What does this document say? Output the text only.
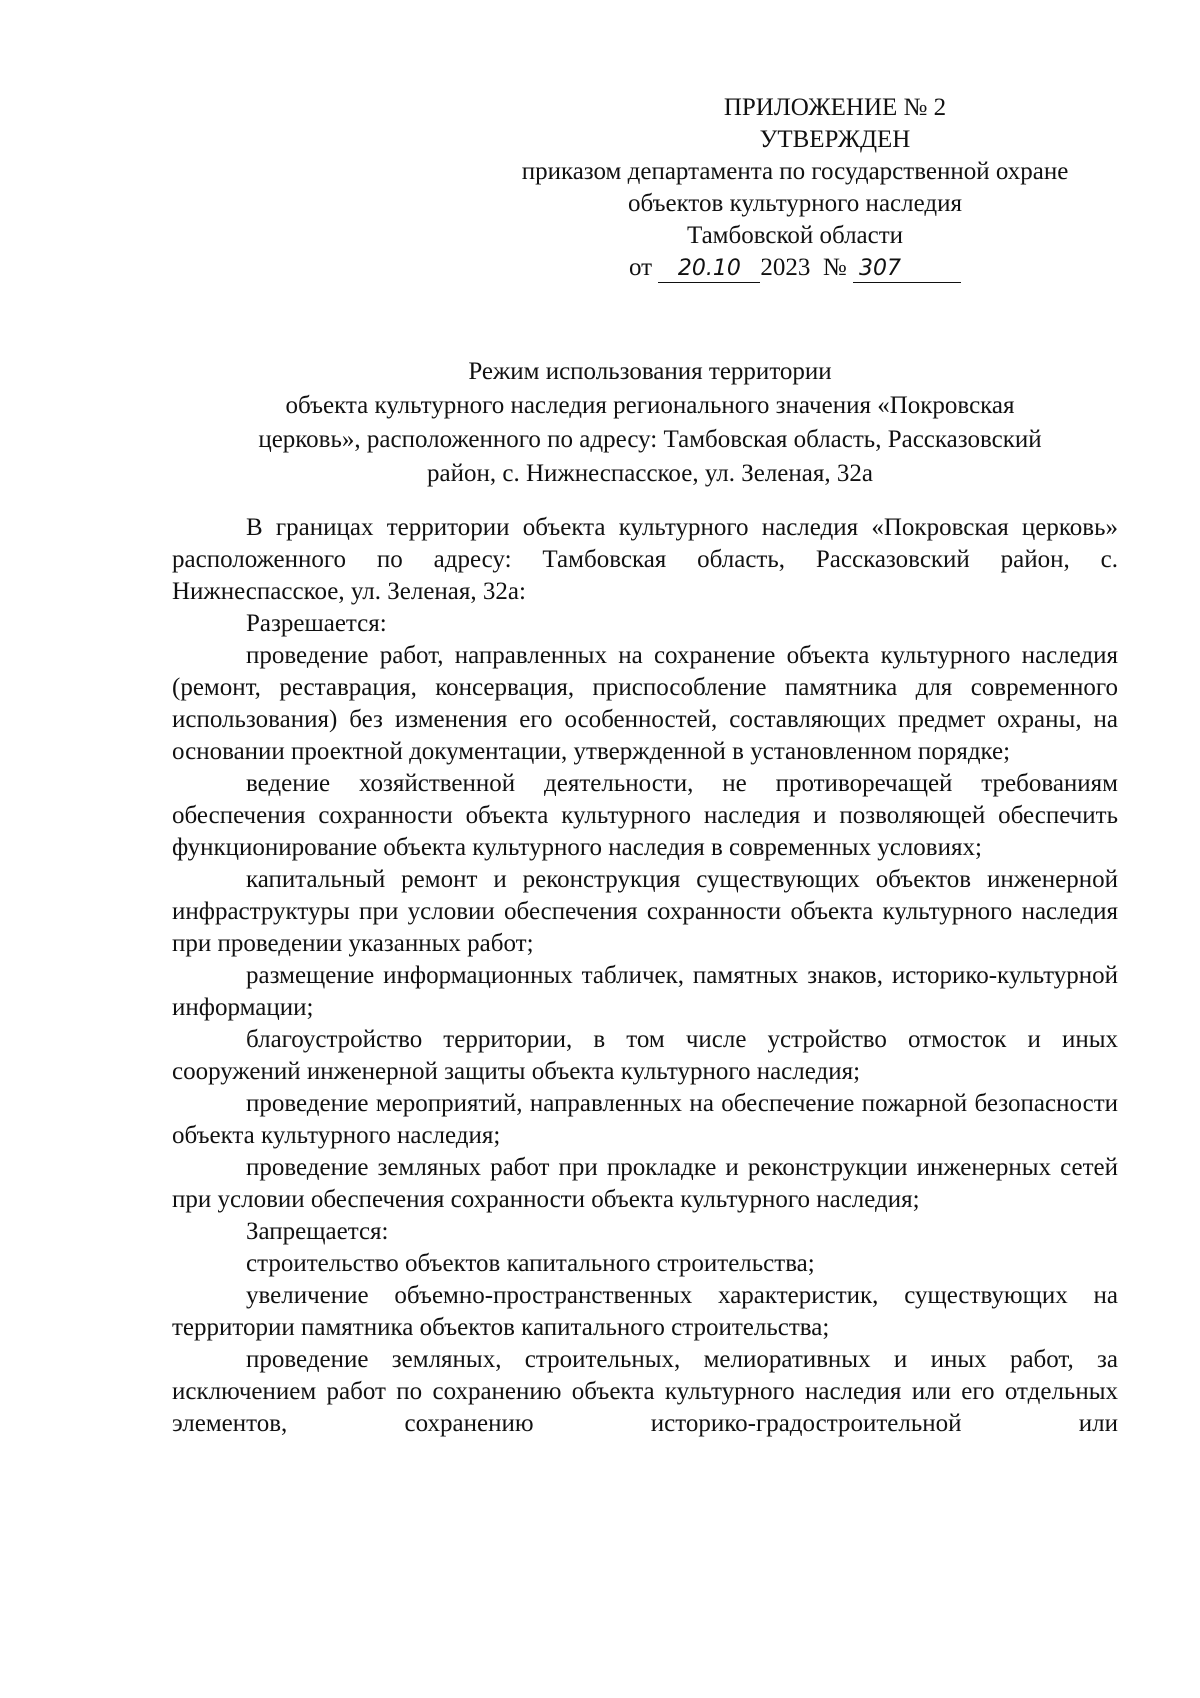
ПРИЛОЖЕНИЕ № 2
УТВЕРЖДЕН
приказом департамента по государственной охране
объектов культурного наследия
Тамбовской области
от 20.10 2023 № 307
Режим использования территории
объекта культурного наследия регионального значения «Покровская
церковь», расположенного по адресу: Тамбовская область, Рассказовский
район, с. Нижнеспасское, ул. Зеленая, 32а

В границах территории объекта культурного наследия «Покровская церковь» расположенного по адресу: Тамбовская область, Рассказовский район, с. Нижнеспасское, ул. Зеленая, 32а:

Разрешается:

проведение работ, направленных на сохранение объекта культурного наследия (ремонт, реставрация, консервация, приспособление памятника для современного использования) без изменения его особенностей, составляющих предмет охраны, на основании проектной документации, утвержденной в установленном порядке;

ведение хозяйственной деятельности, не противоречащей требованиям обеспечения сохранности объекта культурного наследия и позволяющей обеспечить функционирование объекта культурного наследия в современных условиях;

капитальный ремонт и реконструкция существующих объектов инженерной инфраструктуры при условии обеспечения сохранности объекта культурного наследия при проведении указанных работ;

размещение информационных табличек, памятных знаков, историко-культурной информации;

благоустройство территории, в том числе устройство отмосток и иных сооружений инженерной защиты объекта культурного наследия;

проведение мероприятий, направленных на обеспечение пожарной безопасности объекта культурного наследия;

проведение земляных работ при прокладке и реконструкции инженерных сетей при условии обеспечения сохранности объекта культурного наследия;

Запрещается:

строительство объектов капитального строительства;

увеличение объемно-пространственных характеристик, существующих на территории памятника объектов капитального строительства;

проведение земляных, строительных, мелиоративных и иных работ, за исключением работ по сохранению объекта культурного наследия или его отдельных элементов, сохранению историко-градостроительной или
